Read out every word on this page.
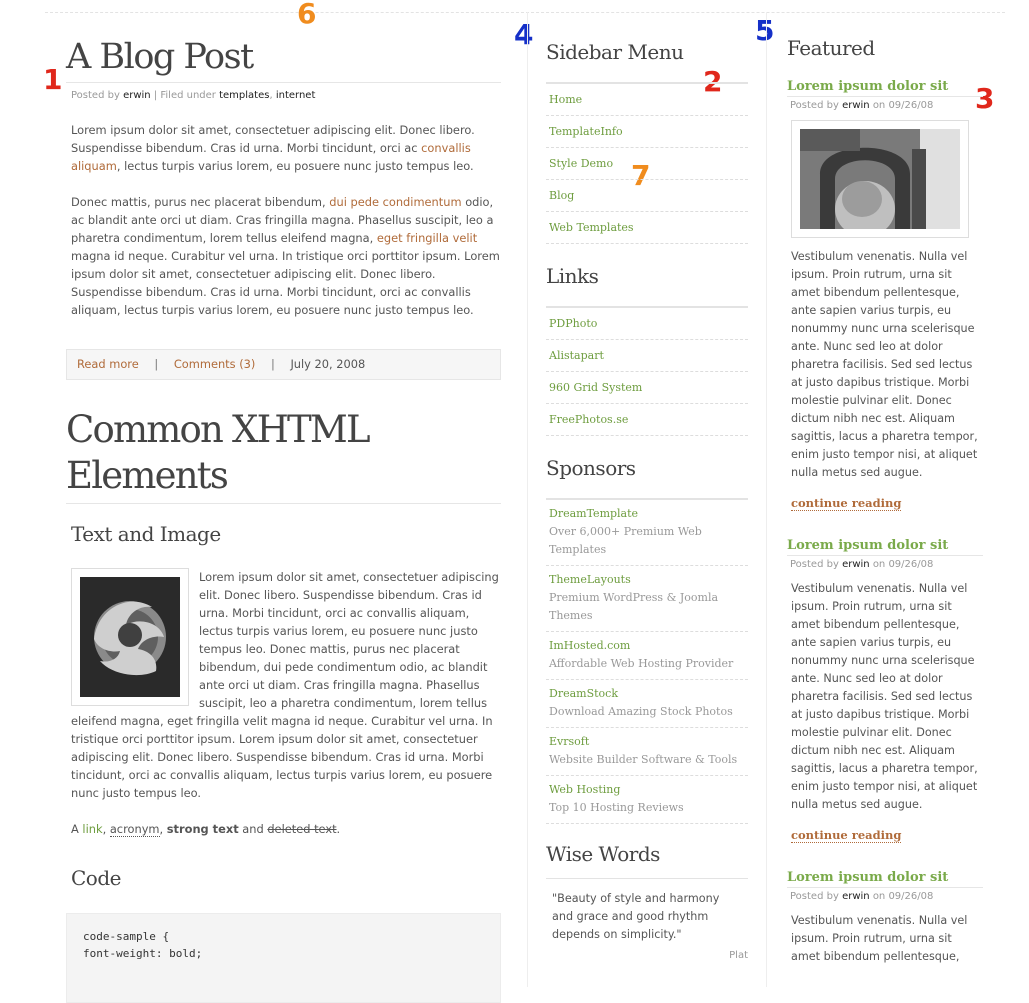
1	2
3
4	5
6
7
A Blog Post
Posted by erwin | Filed under templates, internet

Lorem ipsum dolor sit amet, consectetuer adipiscing elit. Donec libero. Suspendisse bibendum. Cras id urna. Morbi tincidunt, orci ac convallis aliquam, lectus turpis varius lorem, eu posuere nunc justo tempus leo.

Donec mattis, purus nec placerat bibendum, dui pede condimentum odio, ac blandit ante orci ut diam. Cras fringilla magna. Phasellus suscipit, leo a pharetra condimentum, lorem tellus eleifend magna, eget fringilla velit magna id neque. Curabitur vel urna. In tristique orci porttitor ipsum. Lorem ipsum dolor sit amet, consectetuer adipiscing elit. Donec libero. Suspendisse bibendum. Cras id urna. Morbi tincidunt, orci ac convallis aliquam, lectus turpis varius lorem, eu posuere nunc justo tempus leo.

Read more | Comments (3) | July 20, 2008
Common XHTML Elements
Text and Image

Lorem ipsum dolor sit amet, consectetuer adipiscing elit. Donec libero. Suspendisse bibendum. Cras id urna. Morbi tincidunt, orci ac convallis aliquam, lectus turpis varius lorem, eu posuere nunc justo tempus leo. Donec mattis, purus nec placerat bibendum, dui pede condimentum odio, ac blandit ante orci ut diam. Cras fringilla magna. Phasellus suscipit, leo a pharetra condimentum, lorem tellus eleifend magna, eget fringilla velit magna id neque. Curabitur vel urna. In tristique orci porttitor ipsum. Lorem ipsum dolor sit amet, consectetuer adipiscing elit. Donec libero. Suspendisse bibendum. Cras id urna. Morbi tincidunt, orci ac convallis aliquam, lectus turpis varius lorem, eu posuere nunc justo tempus leo.

A link, acronym, strong text and deleted text.

Code
code-sample {
font-weight: bold;
Sidebar Menu
Home
TemplateInfo
Style Demo
Blog
Web Templates
Links
PDPhoto
Alistapart
960 Grid System
FreePhotos.se
Sponsors
DreamTemplate
Over 6,000+ Premium Web Templates
ThemeLayouts
Premium WordPress & Joomla Themes
ImHosted.com
Affordable Web Hosting Provider
DreamStock
Download Amazing Stock Photos
Evrsoft
Website Builder Software & Tools
Web Hosting
Top 10 Hosting Reviews
Wise Words
"Beauty of style and harmony and grace and good rhythm depends on simplicity."
Plat
Featured
Lorem ipsum dolor sit
Posted by erwin on 09/26/08

Vestibulum venenatis. Nulla vel ipsum. Proin rutrum, urna sit amet bibendum pellentesque, ante sapien varius turpis, eu nonummy nunc urna scelerisque ante. Nunc sed leo at dolor pharetra facilisis. Sed sed lectus at justo dapibus tristique. Morbi molestie pulvinar elit. Donec dictum nibh nec est. Aliquam sagittis, lacus a pharetra tempor, enim justo tempor nisi, at aliquet nulla metus sed augue.

continue reading
Lorem ipsum dolor sit
Posted by erwin on 09/26/08

Vestibulum venenatis. Nulla vel ipsum. Proin rutrum, urna sit amet bibendum pellentesque, ante sapien varius turpis, eu nonummy nunc urna scelerisque ante. Nunc sed leo at dolor pharetra facilisis. Sed sed lectus at justo dapibus tristique. Morbi molestie pulvinar elit. Donec dictum nibh nec est. Aliquam sagittis, lacus a pharetra tempor, enim justo tempor nisi, at aliquet nulla metus sed augue.

continue reading
Lorem ipsum dolor sit
Posted by erwin on 09/26/08

Vestibulum venenatis. Nulla vel ipsum. Proin rutrum, urna sit amet bibendum pellentesque,
